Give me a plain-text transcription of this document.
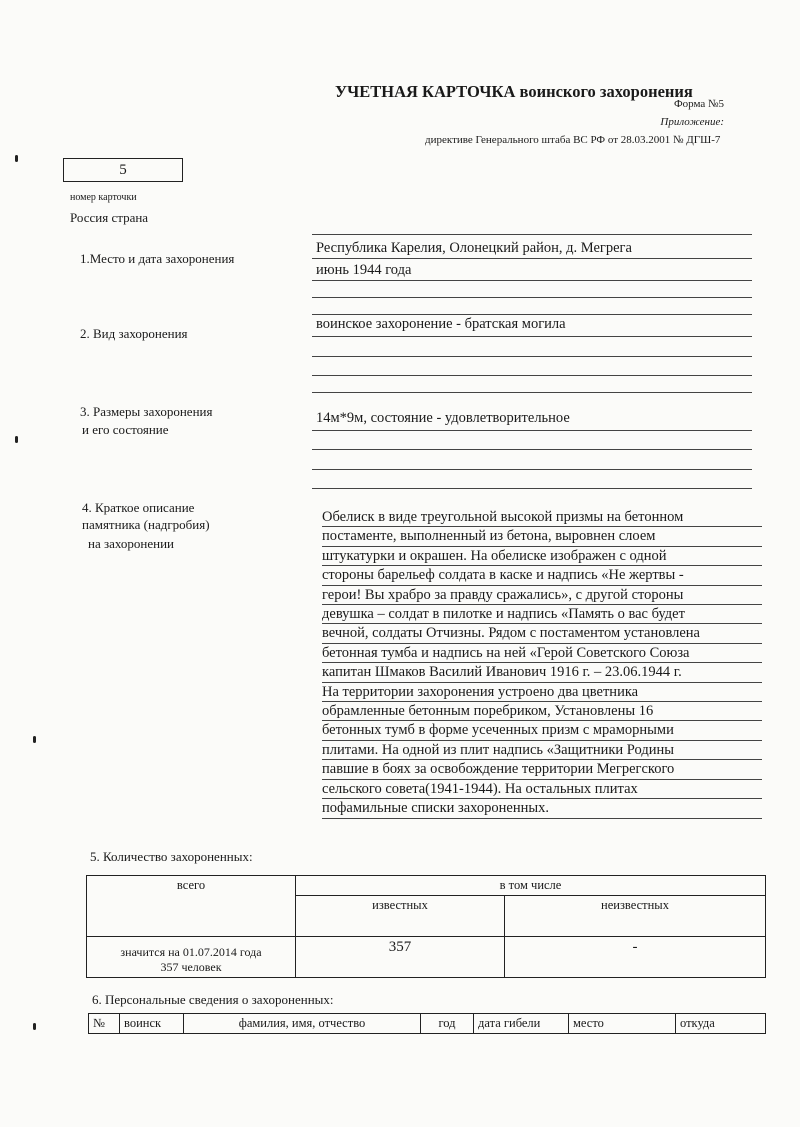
УЧЕТНАЯ КАРТОЧКА воинского захоронения
Форма №5
Приложение:
директиве Генерального штаба ВС РФ от 28.03.2001 № ДГШ-7
5
номер карточки
Россия страна
1.Место и дата захоронения
Республика Карелия, Олонецкий район, д. Мегрега
июнь 1944 года
2. Вид захоронения
воинское захоронение - братская могила
3. Размеры захоронения
и его состояние
14м*9м, состояние - удовлетворительное
4. Краткое описание
памятника (надгробия)
на захоронении
Обелиск в виде треугольной высокой призмы на бетонном
постаменте, выполненный из бетона, выровнен слоем
штукатурки и окрашен. На обелиске изображен с одной
стороны барельеф солдата в каске и надпись «Не жертвы -
герои! Вы храбро за правду сражались», с другой стороны
девушка – солдат в пилотке и надпись «Память о вас будет
вечной, солдаты Отчизны. Рядом с постаментом установлена
бетонная тумба и надпись на ней «Герой Советского Союза
капитан Шмаков Василий Иванович 1916 г. – 23.06.1944 г.
На территории захоронения устроено два цветника
обрамленные бетонным поребриком, Установлены 16
бетонных тумб в форме усеченных призм с мраморными
плитами. На одной из плит надпись «Защитники Родины
павшие в боях за освобождение территории Мегрегского
сельского совета(1941-1944). На остальных плитах
пофамильные списки захороненных.
5. Количество захороненных:
всего	в том числе	
	известных	неизвестных

значится на 01.07.2014 года
357 человек	357	-
6. Персональные сведения о захороненных:
№	воинск	фамилия, имя, отчество	год	дата гибели	место	откуда
